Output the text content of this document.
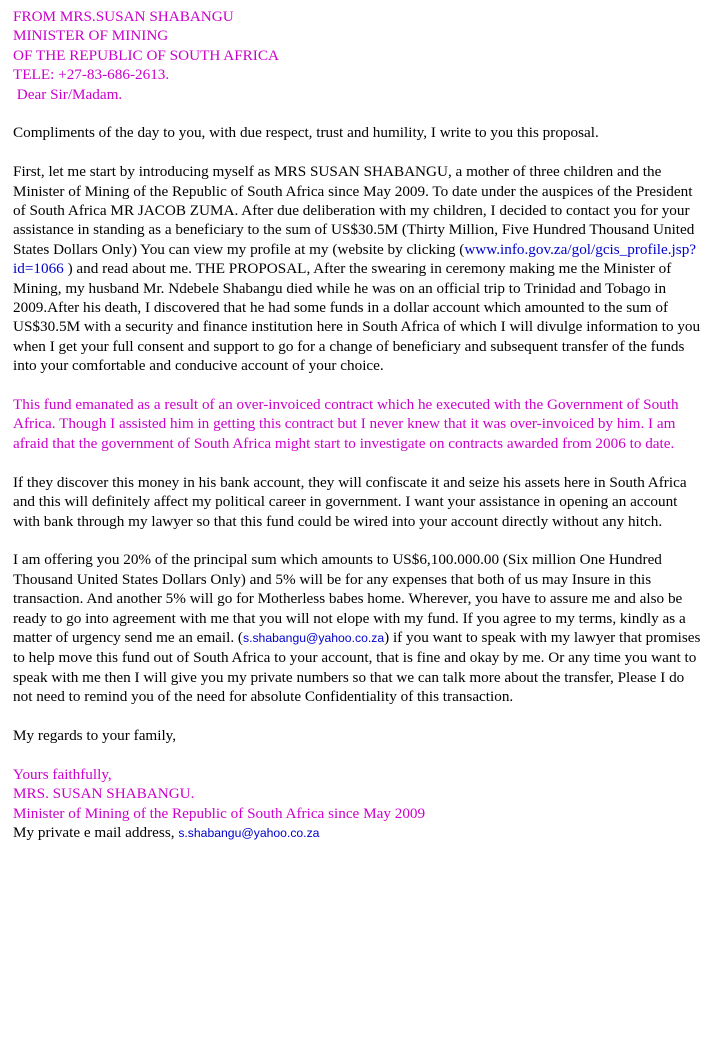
FROM MRS.SUSAN SHABANGU

MINISTER OF MINING

OF THE REPUBLIC OF SOUTH AFRICA

TELE: +27-83-686-2613.

Dear Sir/Madam.

Compliments of the day to you, with due respect, trust and humility, I write to you this proposal.

First, let me start by introducing myself as MRS SUSAN SHABANGU, a mother of three children and the Minister of Mining of the Republic of South Africa since May 2009. To date under the auspices of the President of South Africa MR JACOB ZUMA. After due deliberation with my children, I decided to contact you for your assistance in standing as a beneficiary to the sum of US$30.5M (Thirty Million, Five Hundred Thousand United States Dollars Only) You can view my profile at my (website by clicking (www.info.gov.za/gol/gcis_profile.jsp?id=1066 ) and read about me. THE PROPOSAL, After the swearing in ceremony making me the Minister of Mining, my husband Mr. Ndebele Shabangu died while he was on an official trip to Trinidad and Tobago in 2009.After his death, I discovered that he had some funds in a dollar account which amounted to the sum of US$30.5M with a security and finance institution here in South Africa of which I will divulge information to you when I get your full consent and support to go for a change of beneficiary and subsequent transfer of the funds into your comfortable and conducive account of your choice.

This fund emanated as a result of an over-invoiced contract which he executed with the Government of South Africa. Though I assisted him in getting this contract but I never knew that it was over-invoiced by him. I am afraid that the government of South Africa might start to investigate on contracts awarded from 2006 to date.

If they discover this money in his bank account, they will confiscate it and seize his assets here in South Africa and this will definitely affect my political career in government. I want your assistance in opening an account with bank through my lawyer so that this fund could be wired into your account directly without any hitch.

I am offering you 20% of the principal sum which amounts to US$6,100.000.00 (Six million One Hundred Thousand United States Dollars Only) and 5% will be for any expenses that both of us may Insure in this transaction. And another 5% will go for Motherless babes home. Wherever, you have to assure me and also be ready to go into agreement with me that you will not elope with my fund. If you agree to my terms, kindly as a matter of urgency send me an email. (s.shabangu@yahoo.co.za) if you want to speak with my lawyer that promises to help move this fund out of South Africa to your account, that is fine and okay by me. Or any time you want to speak with me then I will give you my private numbers so that we can talk more about the transfer, Please I do not need to remind you of the need for absolute Confidentiality of this transaction.

My regards to your family,

Yours faithfully,

MRS. SUSAN SHABANGU.

Minister of Mining of the Republic of South Africa since May 2009

My private e mail address, s.shabangu@yahoo.co.za
